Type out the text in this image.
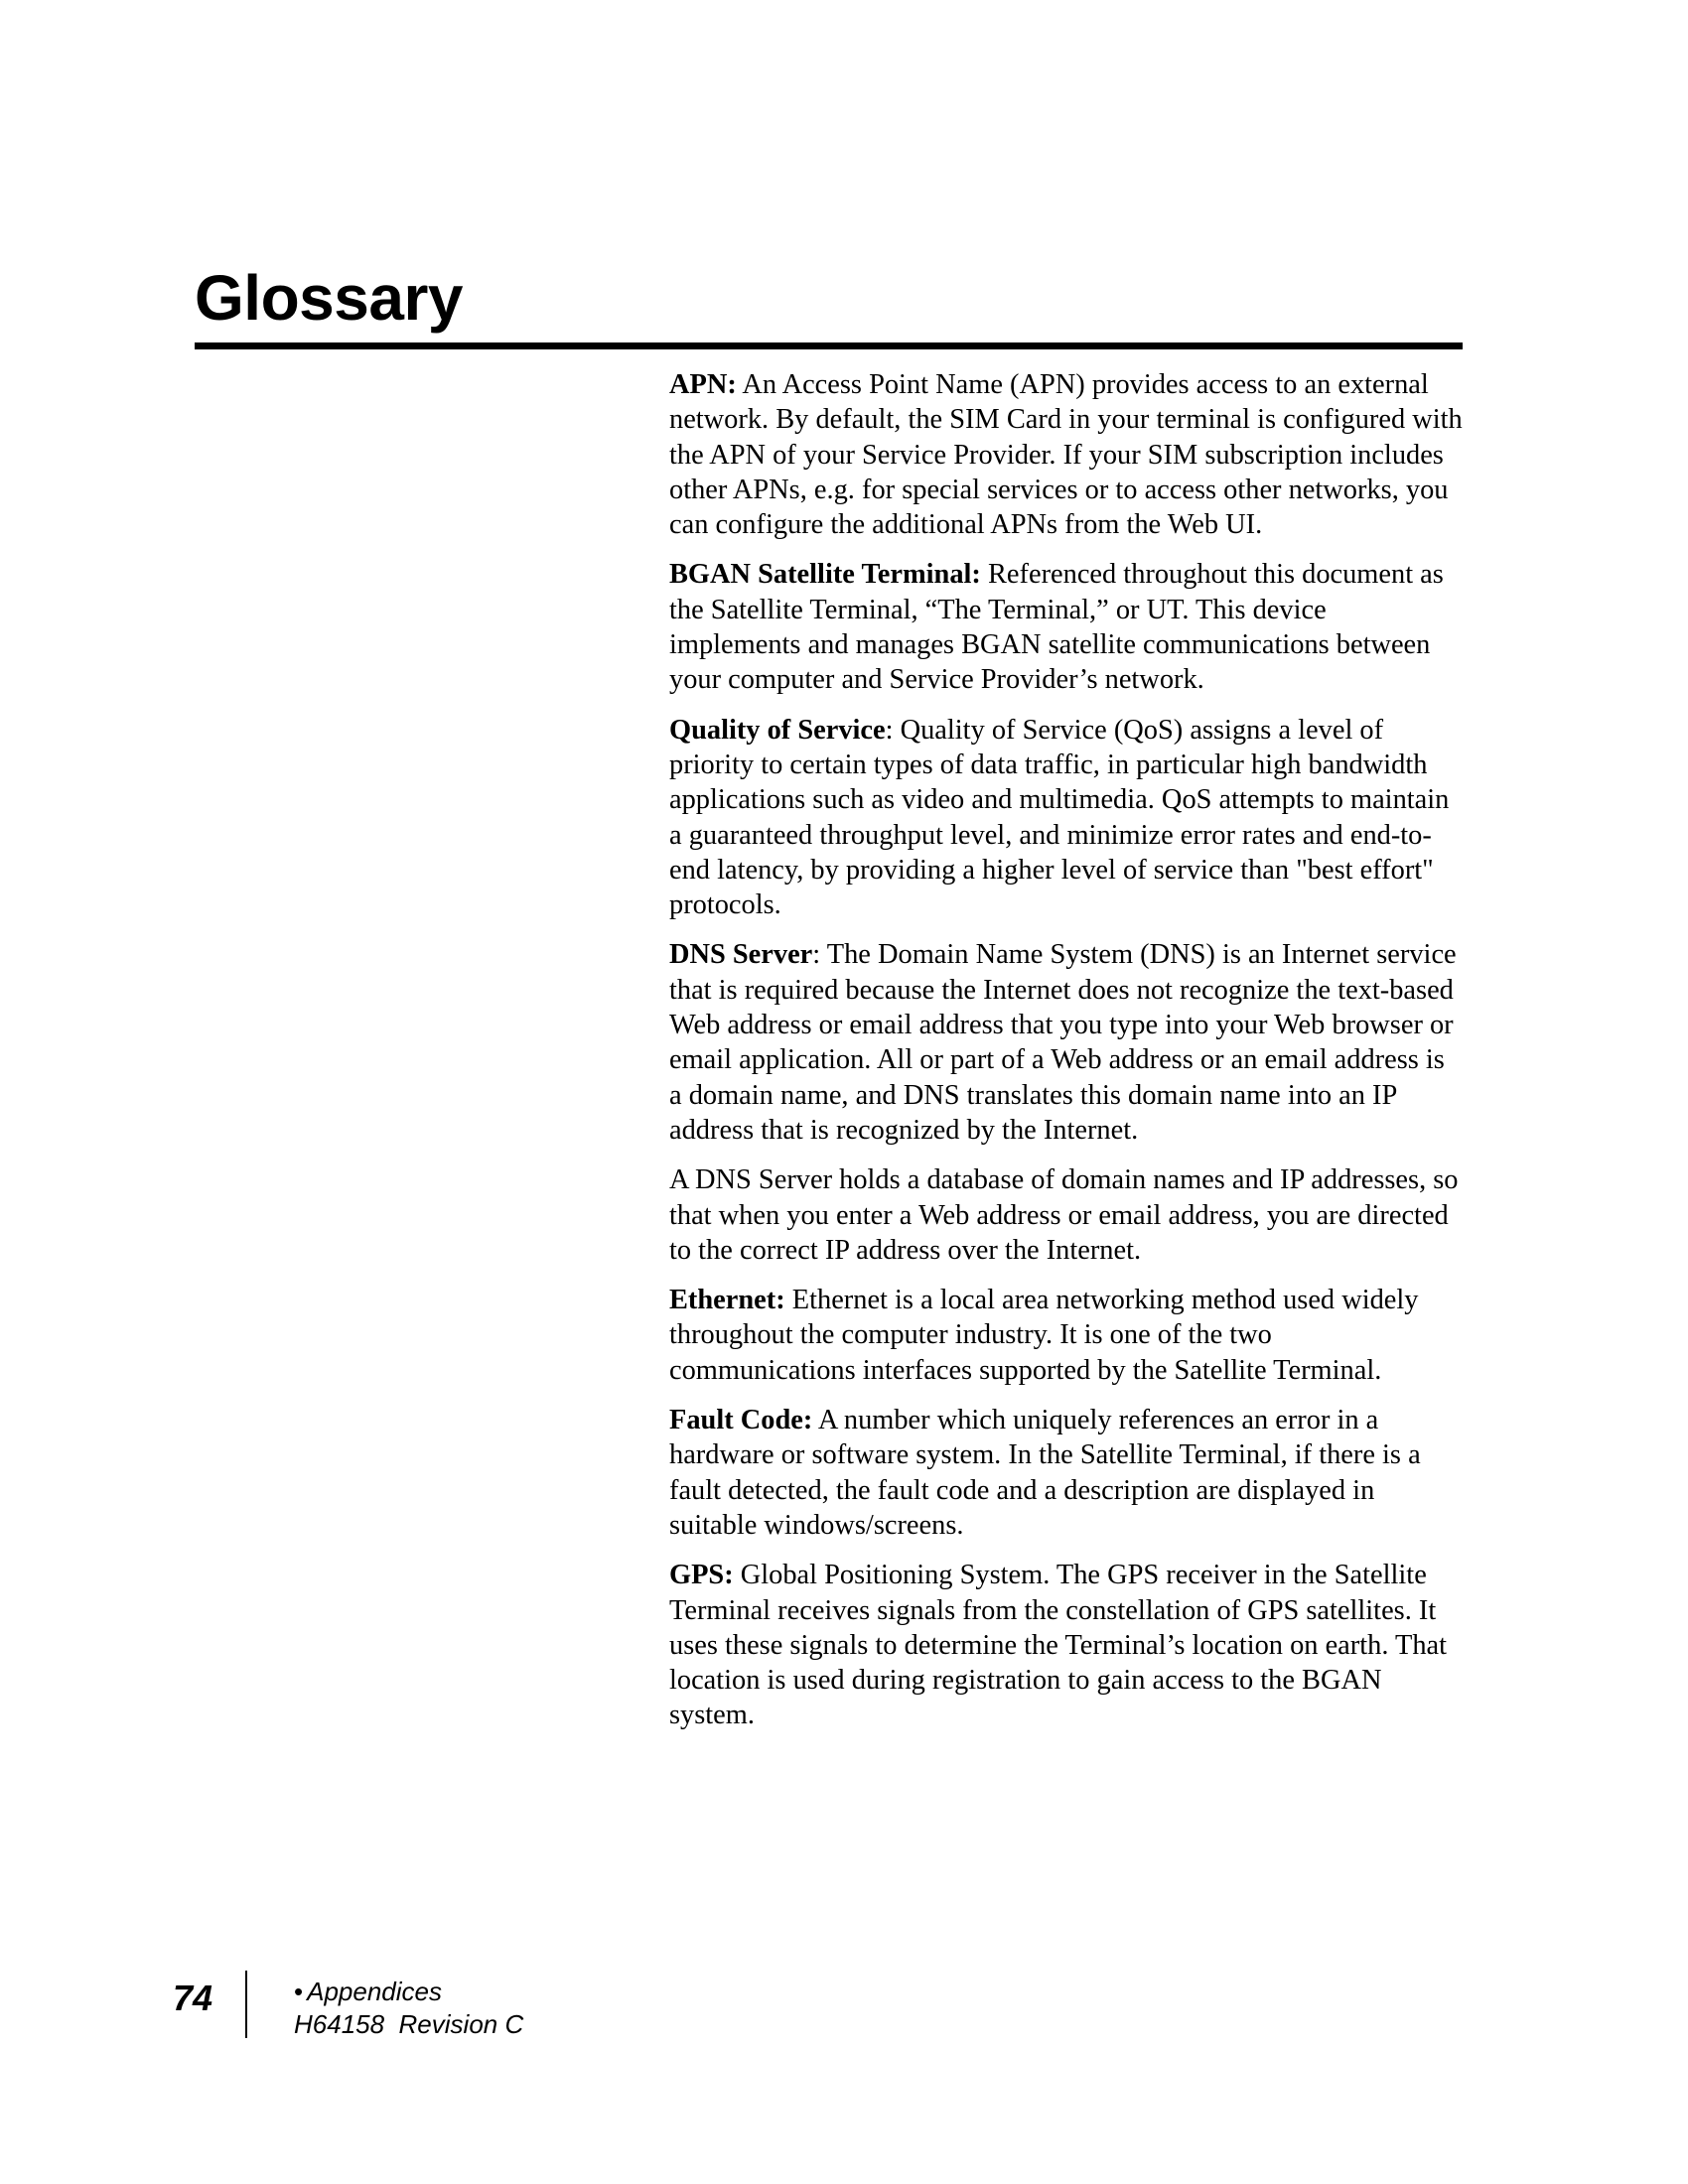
Glossary

APN: An Access Point Name (APN) provides access to an external network. By default, the SIM Card in your terminal is configured with the APN of your Service Provider. If your SIM subscription includes other APNs, e.g. for special services or to access other networks, you can configure the additional APNs from the Web UI.

BGAN Satellite Terminal: Referenced throughout this document as the Satellite Terminal, “The Terminal,” or UT. This device implements and manages BGAN satellite communications between your computer and Service Provider’s network.

Quality of Service: Quality of Service (QoS) assigns a level of priority to certain types of data traffic, in particular high bandwidth applications such as video and multimedia. QoS attempts to maintain a guaranteed throughput level, and minimize error rates and end-to-end latency, by providing a higher level of service than "best effort" protocols.

DNS Server: The Domain Name System (DNS) is an Internet service that is required because the Internet does not recognize the text-based Web address or email address that you type into your Web browser or email application. All or part of a Web address or an email address is a domain name, and DNS translates this domain name into an IP address that is recognized by the Internet.

A DNS Server holds a database of domain names and IP addresses, so that when you enter a Web address or email address, you are directed to the correct IP address over the Internet.

Ethernet: Ethernet is a local area networking method used widely throughout the computer industry. It is one of the two communications interfaces supported by the Satellite Terminal.

Fault Code: A number which uniquely references an error in a hardware or software system. In the Satellite Terminal, if there is a fault detected, the fault code and a description are displayed in suitable windows/screens.

GPS: Global Positioning System. The GPS receiver in the Satellite Terminal receives signals from the constellation of GPS satellites. It uses these signals to determine the Terminal’s location on earth. That location is used during registration to gain access to the BGAN system.

74	• Appendices
H64158  Revision C
